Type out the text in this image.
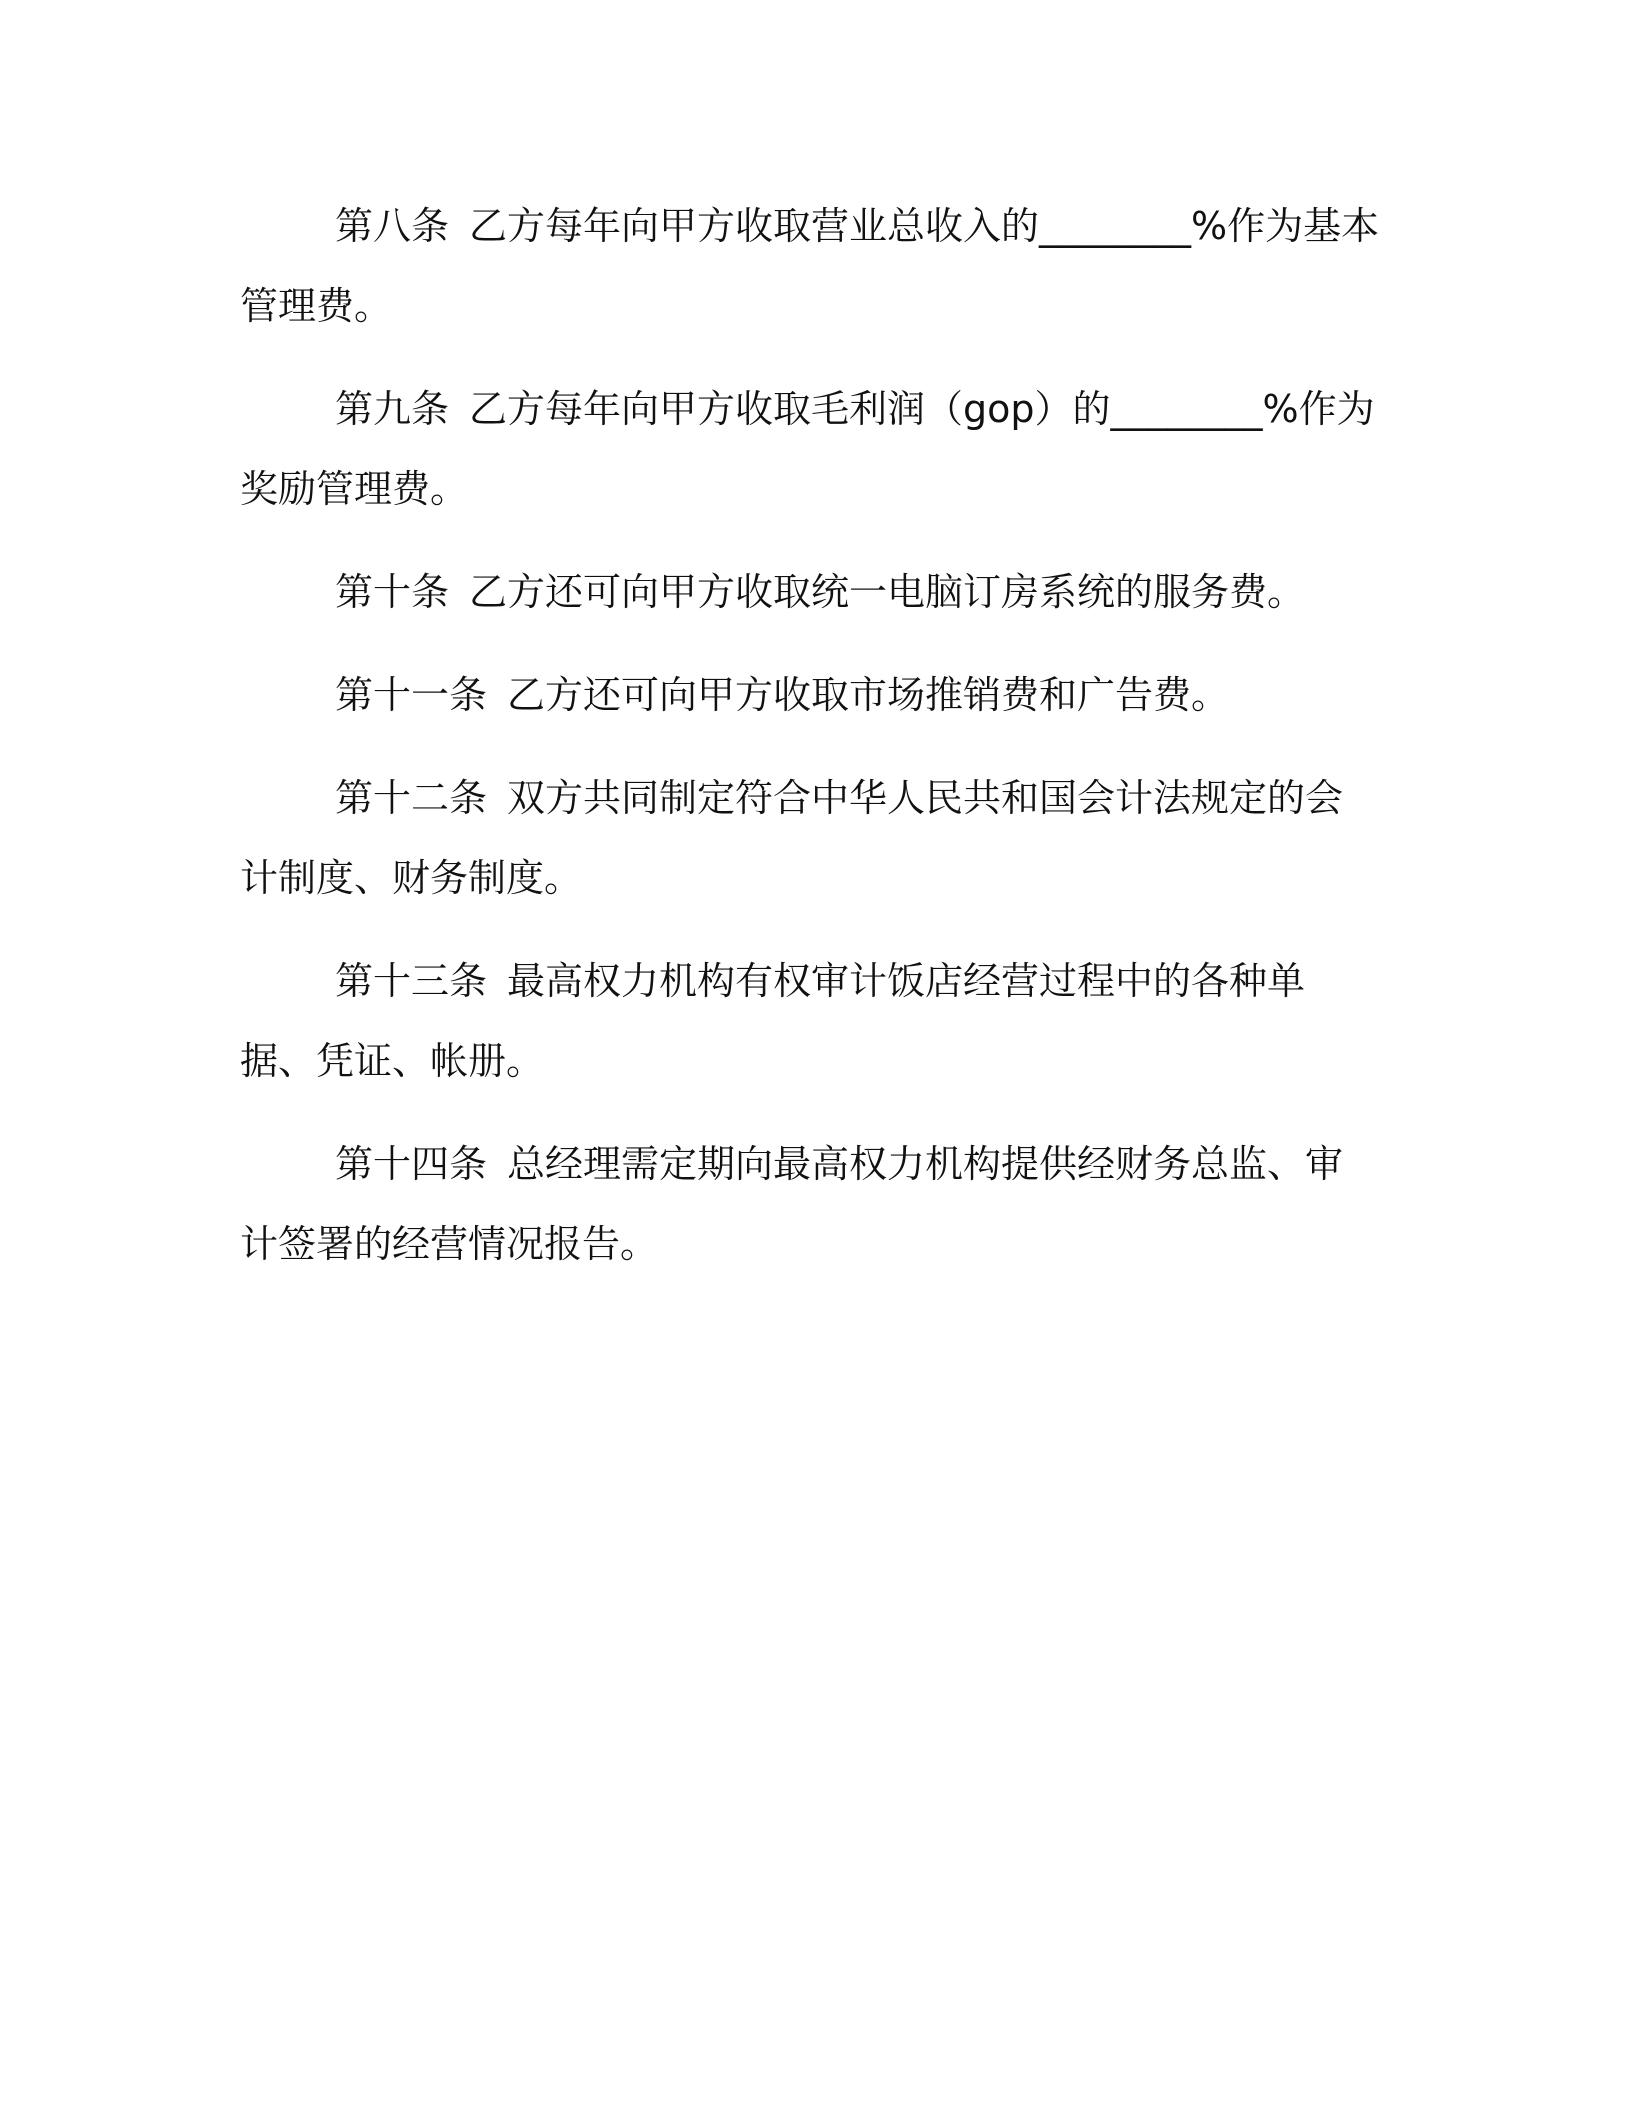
第八条 乙方每年向甲方收取营业总收入的________%作为基本管理费。

第九条 乙方每年向甲方收取毛利润（gop）的________%作为奖励管理费。

第十条 乙方还可向甲方收取统一电脑订房系统的服务费。

第十一条 乙方还可向甲方收取市场推销费和广告费。

第十二条 双方共同制定符合中华人民共和国会计法规定的会计制度、财务制度。

第十三条 最高权力机构有权审计饭店经营过程中的各种单据、凭证、帐册。

第十四条 总经理需定期向最高权力机构提供经财务总监、审计签署的经营情况报告。
